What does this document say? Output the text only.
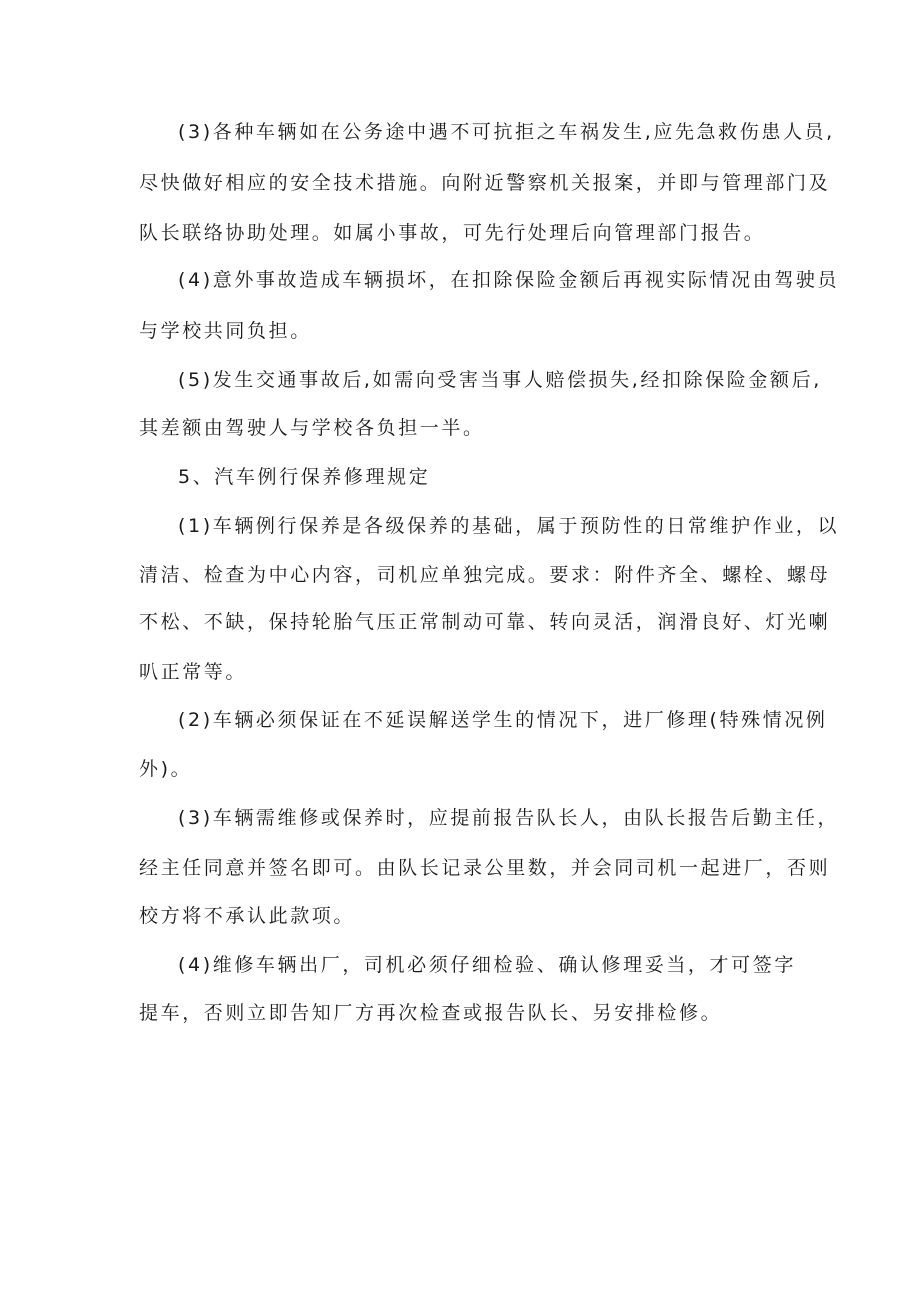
(3)各种车辆如在公务途中遇不可抗拒之车祸发生,应先急救伤患人员,
尽快做好相应的安全技术措施。向附近警察机关报案，并即与管理部门及
队长联络协助处理。如属小事故，可先行处理后向管理部门报告。
(4)意外事故造成车辆损坏，在扣除保险金额后再视实际情况由驾驶员
与学校共同负担。
(5)发生交通事故后,如需向受害当事人赔偿损失,经扣除保险金额后,
其差额由驾驶人与学校各负担一半。
5、汽车例行保养修理规定
(1)车辆例行保养是各级保养的基础，属于预防性的日常维护作业，以
清洁、检查为中心内容，司机应单独完成。要求：附件齐全、螺栓、螺母
不松、不缺，保持轮胎气压正常制动可靠、转向灵活，润滑良好、灯光喇
叭正常等。
(2)车辆必须保证在不延误解送学生的情况下，进厂修理(特殊情况例
外)。
(3)车辆需维修或保养时，应提前报告队长人，由队长报告后勤主任，
经主任同意并签名即可。由队长记录公里数，并会同司机一起进厂，否则
校方将不承认此款项。
(4)维修车辆出厂，司机必须仔细检验、确认修理妥当，才可签字
提车，否则立即告知厂方再次检查或报告队长、另安排检修。
